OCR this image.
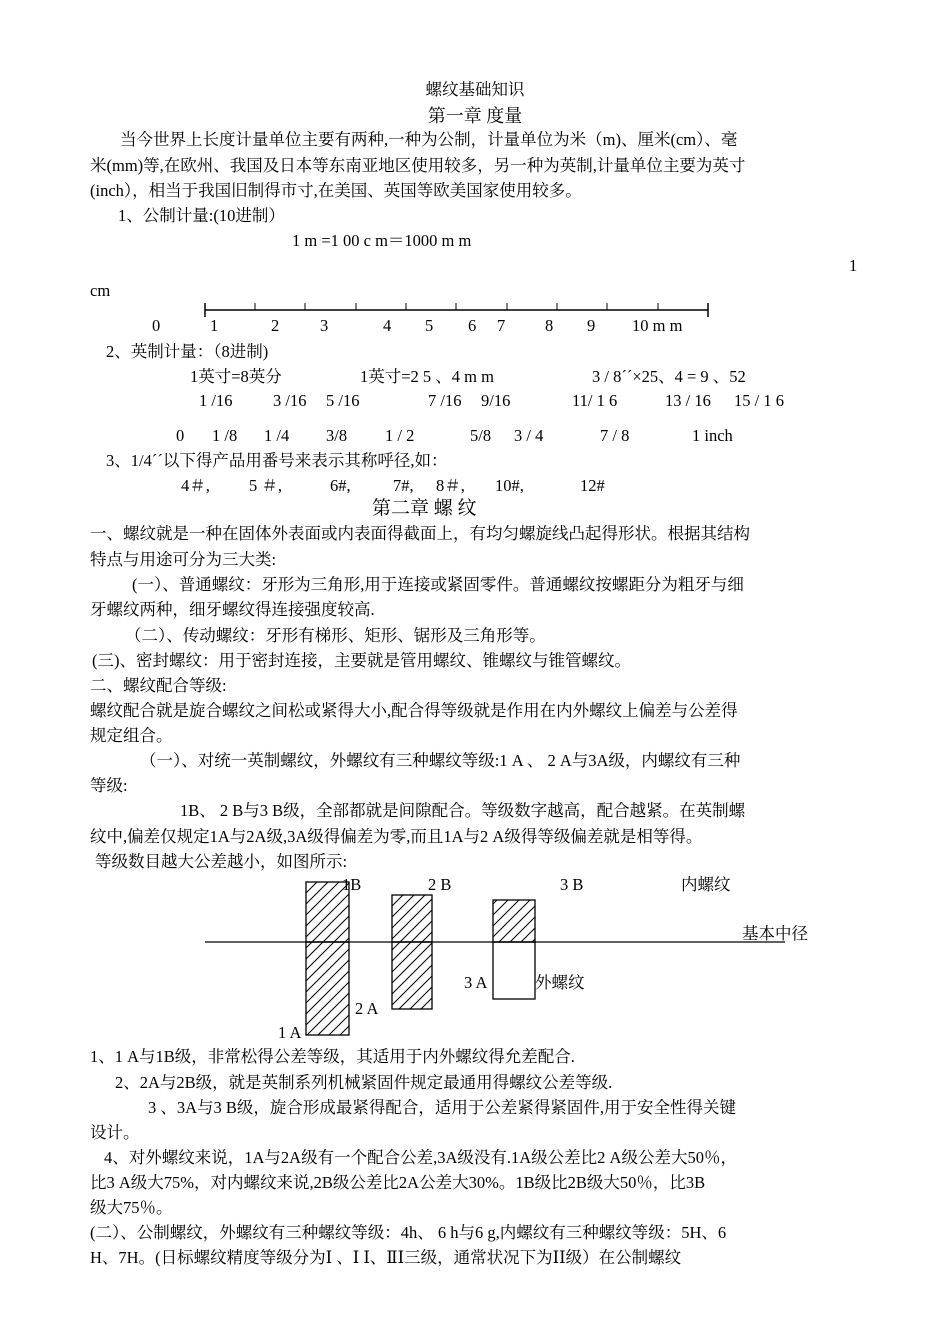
螺纹基础知识
第一章 度量
当今世界上长度计量单位主要有两种,一种为公制，计量单位为米（m)、厘米(cm）、毫
米(mm)等,在欧州、我国及日本等东南亚地区使用较多，另一种为英制,计量单位主要为英寸
(inch），相当于我国旧制得市寸,在美国、英国等欧美国家使用较多。
1、公制计量:(10进制）
1 m =1 00 c m＝1000 m m
1
cm
0	1	2 3	4 5 6 7 8 9 10 m m
2、英制计量：（8进制)
1英寸=8英分	1英寸=2 5 、4 m m	3 / 8´´×25、4 = 9 、52
1 /16 3 /16 5 /16	7 /16 9/16	11/ 1 6	13 / 16 15 / 1 6
0 1 /8 1 /4 3/8 1 / 2	5/8 3 / 4	7 / 8	1 inch
3、1/4´´以下得产品用番号来表示其称呼径,如：
4＃, 5 ＃,	6#,	7#, 8＃, 10#,	12#
第二章 螺 纹
一、螺纹就是一种在固体外表面或内表面得截面上，有均匀螺旋线凸起得形状。根据其结构
特点与用途可分为三大类:
(一）、普通螺纹：牙形为三角形,用于连接或紧固零件。普通螺纹按螺距分为粗牙与细
牙螺纹两种，细牙螺纹得连接强度较高.
（二）、传动螺纹：牙形有梯形、矩形、锯形及三角形等。
(三)、密封螺纹：用于密封连接，主要就是管用螺纹、锥螺纹与锥管螺纹。
二、螺纹配合等级:
螺纹配合就是旋合螺纹之间松或紧得大小,配合得等级就是作用在内外螺纹上偏差与公差得
规定组合。
（一）、对统一英制螺纹，外螺纹有三种螺纹等级:1 A 、 2 A与3A级，内螺纹有三种
等级:
1B、 2 B与3 B级，全部都就是间隙配合。等级数字越高，配合越紧。在英制螺
纹中,偏差仅规定1A与2A级,3A级得偏差为零,而且1A与2 A级得等级偏差就是相等得。
等级数目越大公差越小，如图所示:
1B	2 B	3 B	内螺纹
基本中径
3 A	外螺纹
2 A
1 A
1、1 A与1B级，非常松得公差等级，其适用于内外螺纹得允差配合.
2、2A与2B级，就是英制系列机械紧固件规定最通用得螺纹公差等级.
3 、3A与3 B级，旋合形成最紧得配合，适用于公差紧得紧固件,用于安全性得关键
设计。
4、对外螺纹来说，1A与2A级有一个配合公差,3A级没有.1A级公差比2 A级公差大50％，
比3 A级大75%，对内螺纹来说,2B级公差比2A公差大30%。1B级比2B级大50％，比3B
级大75％。
(二）、公制螺纹，外螺纹有三种螺纹等级：4h、 6 h与6 g,内螺纹有三种螺纹等级：5H、6
H、7H。(日标螺纹精度等级分为Ⅰ 、Ⅰ Ⅰ、ⅡⅠ三级，通常状况下为ⅠⅠ级）在公制螺纹
